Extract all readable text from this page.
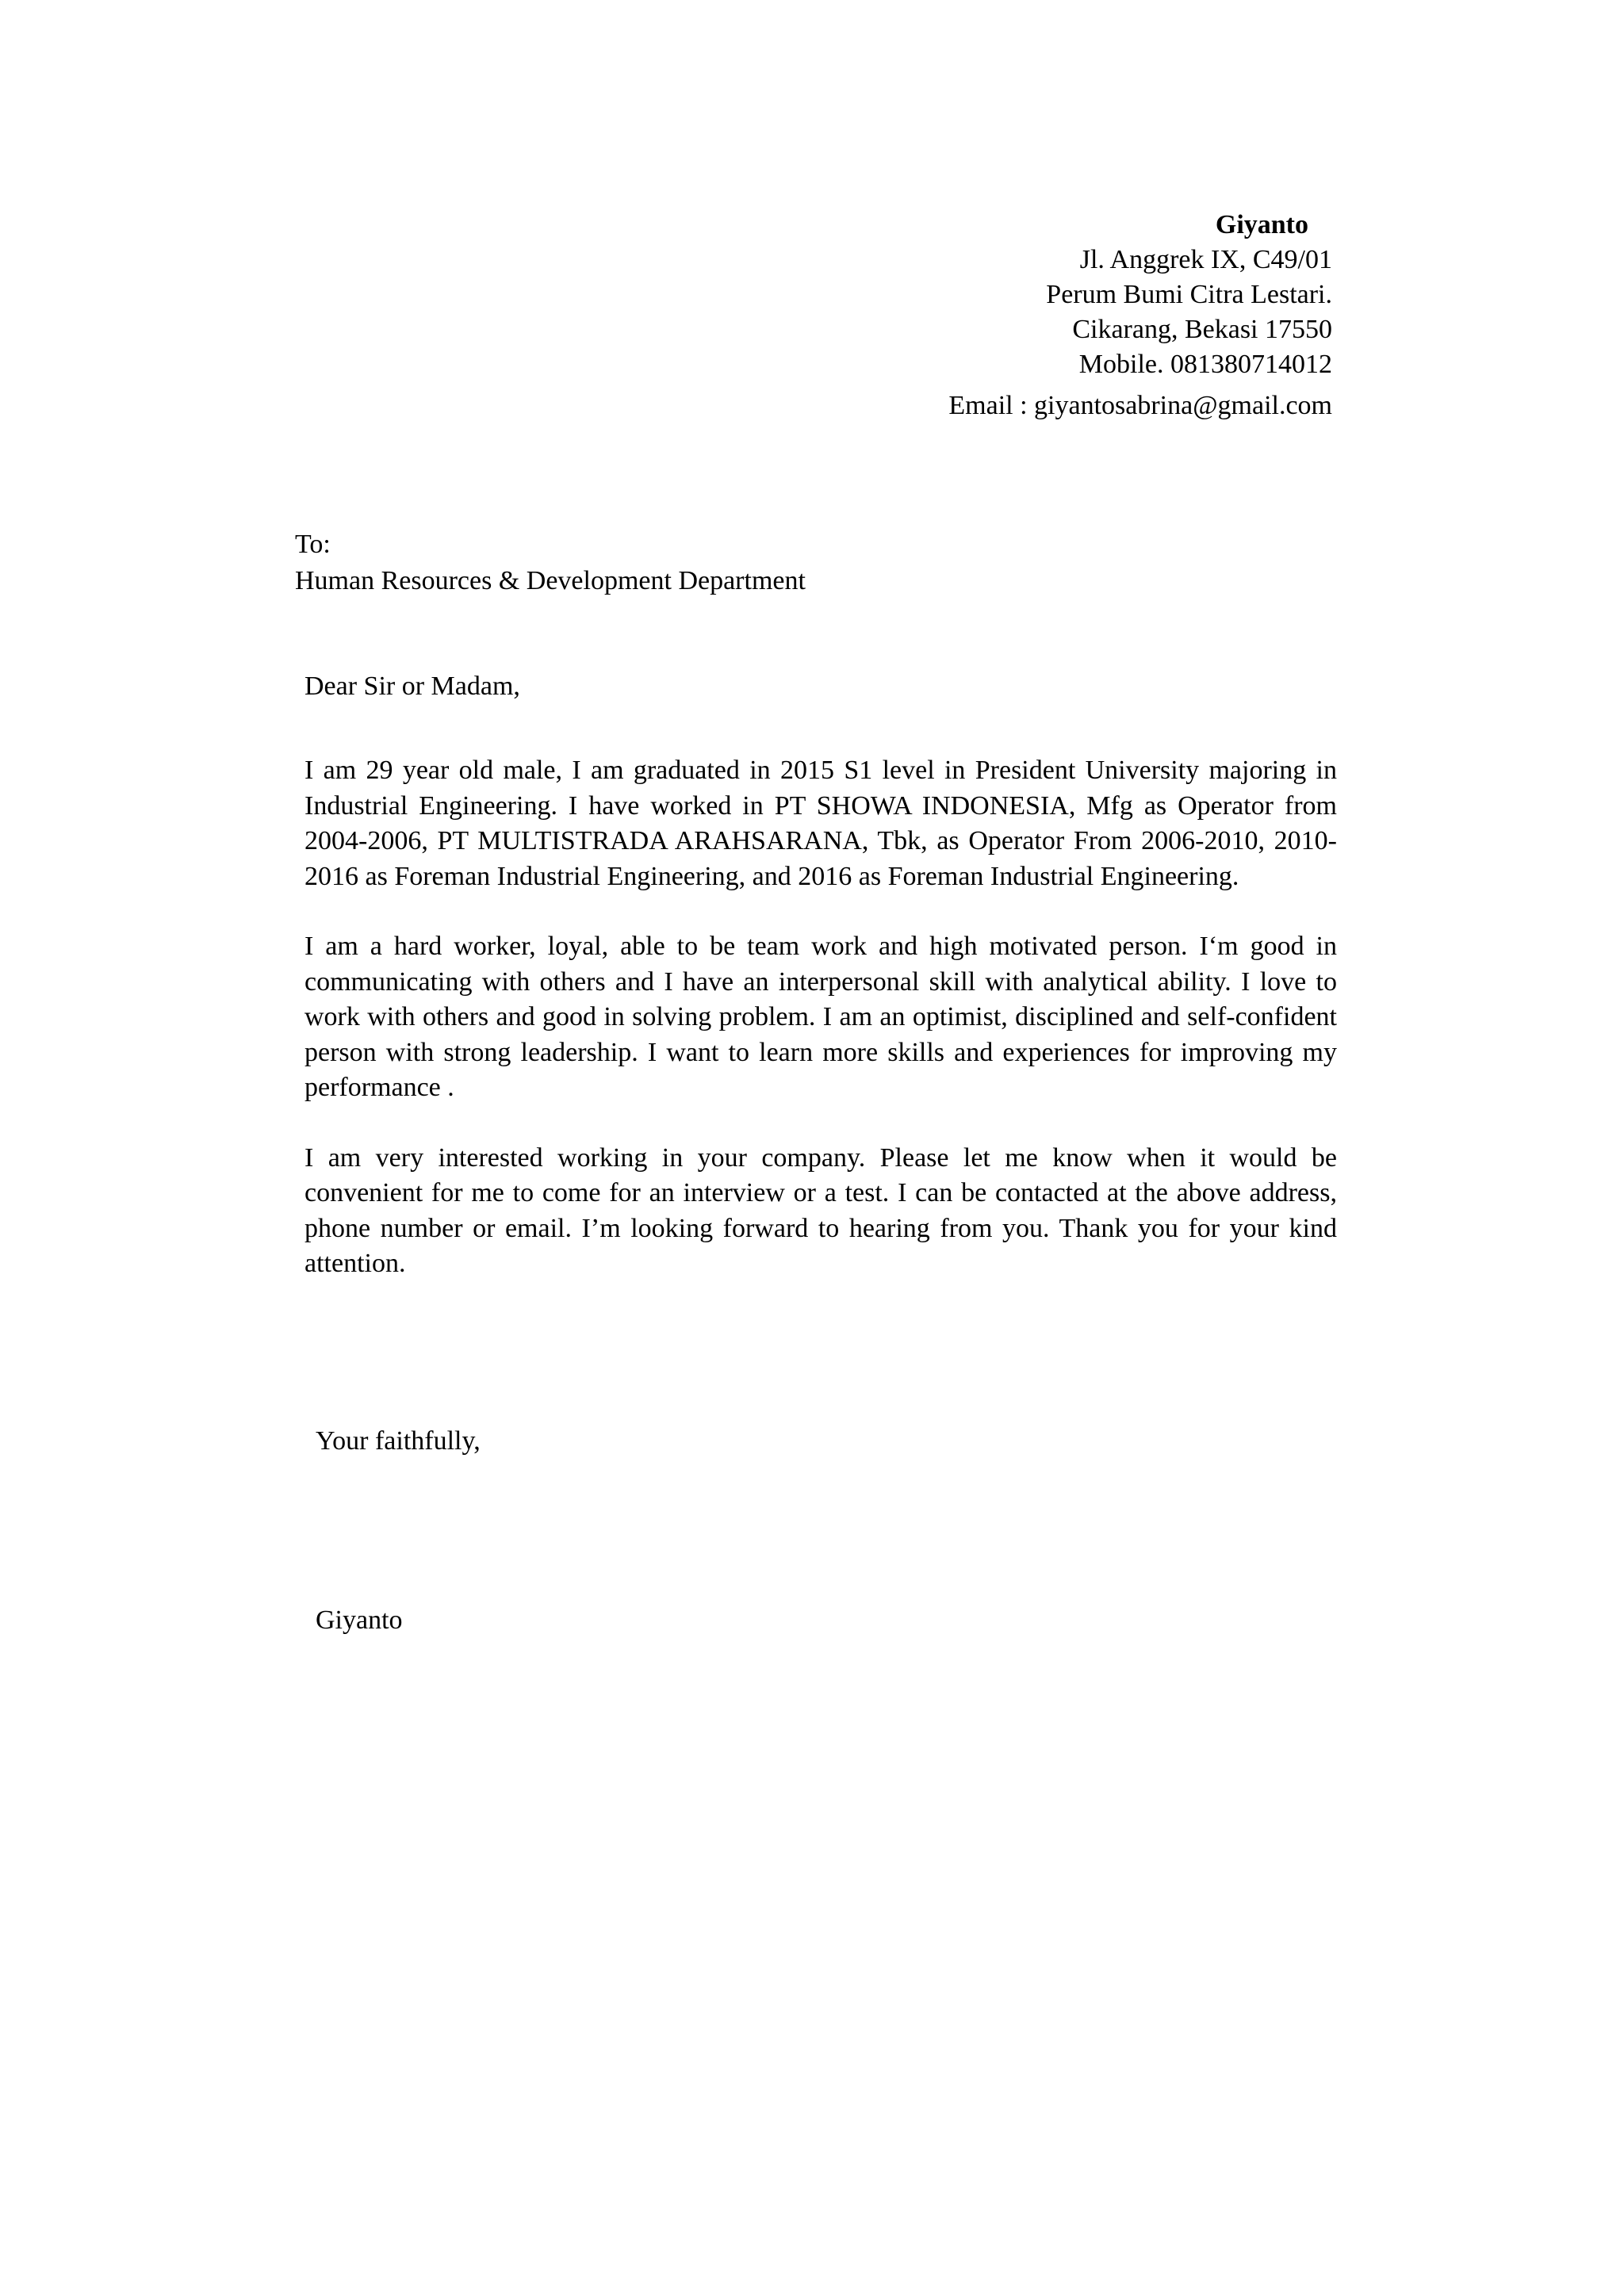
Giyanto
Jl. Anggrek IX, C49/01
Perum Bumi Citra Lestari.
Cikarang, Bekasi 17550
Mobile. 081380714012
Email : giyantosabrina@gmail.com
To:
Human Resources & Development Department
Dear Sir or Madam,

I am 29 year old male, I am graduated in 2015 S1 level in President University majoring in Industrial Engineering. I have worked in PT SHOWA INDONESIA, Mfg as Operator from 2004-2006, PT MULTISTRADA ARAHSARANA, Tbk, as Operator From 2006-2010, 2010-2016 as Foreman Industrial Engineering, and 2016 as Foreman Industrial Engineering.

I am a hard worker, loyal, able to be team work and high motivated person. I‘m good in communicating with others and I have an interpersonal skill with analytical ability. I love to work with others and good in solving problem. I am an optimist, disciplined and self-confident person with strong leadership. I want to learn more skills and experiences for improving my performance .

I am very interested working in your company. Please let me know when it would be convenient for me to come for an interview or a test. I can be contacted at the above address, phone number or email. I’m looking forward to hearing from you. Thank you for your kind attention.

Your faithfully,
Giyanto
